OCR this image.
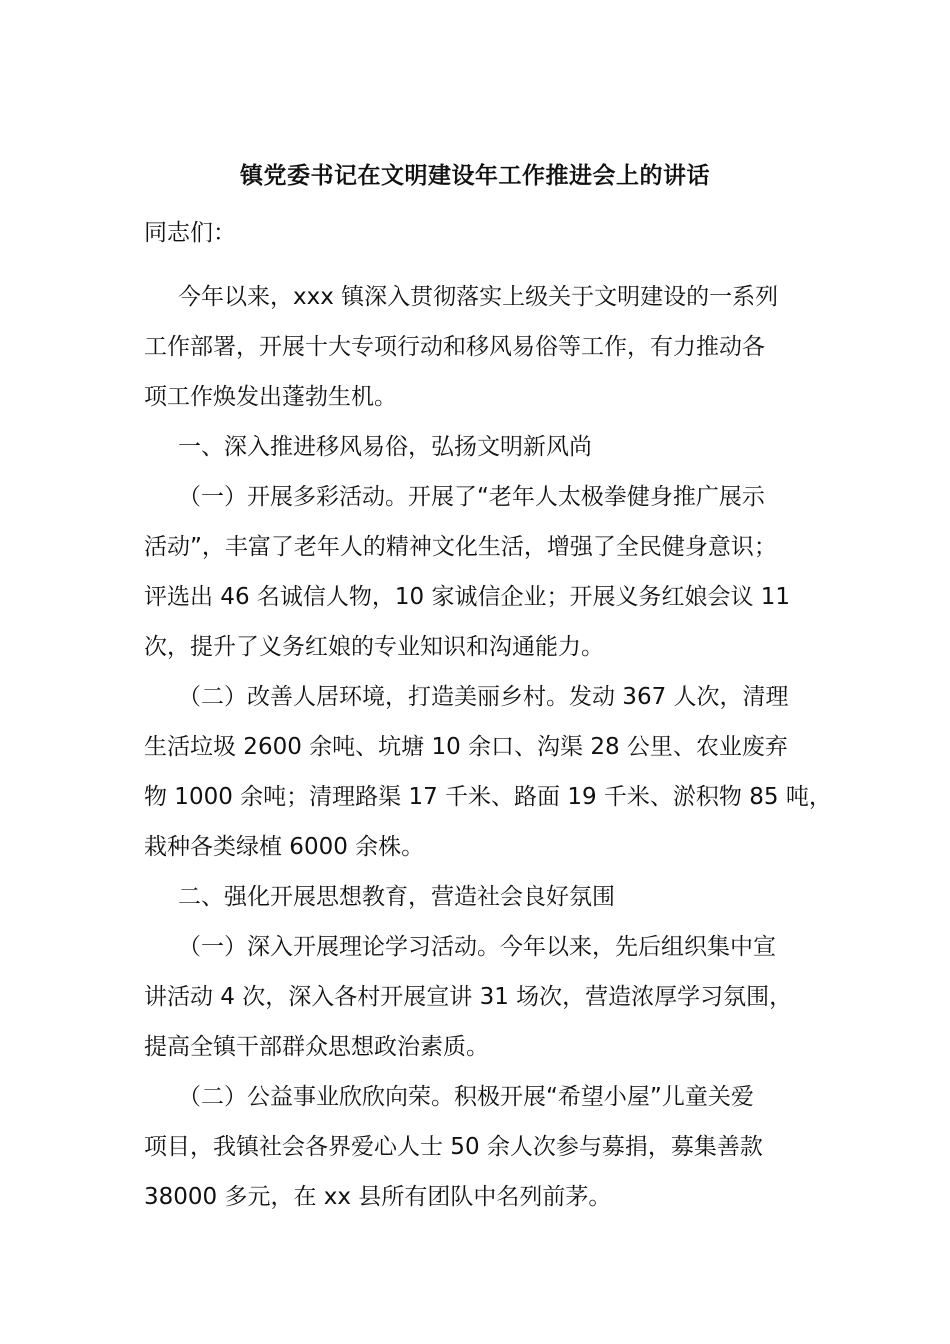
镇党委书记在文明建设年工作推进会上的讲话

同志们：

今年以来，xxx 镇深入贯彻落实上级关于文明建设的一系列
工作部署，开展十大专项行动和移风易俗等工作，有力推动各
项工作焕发出蓬勃生机。

一、深入推进移风易俗，弘扬文明新风尚

（一）开展多彩活动。开展了“老年人太极拳健身推广展示
活动”，丰富了老年人的精神文化生活，增强了全民健身意识；
评选出 46 名诚信人物，10 家诚信企业；开展义务红娘会议 11
次，提升了义务红娘的专业知识和沟通能力。

（二）改善人居环境，打造美丽乡村。发动 367 人次，清理
生活垃圾 2600 余吨、坑塘 10 余口、沟渠 28 公里、农业废弃
物 1000 余吨；清理路渠 17 千米、路面 19 千米、淤积物 85 吨，
栽种各类绿植 6000 余株。

二、强化开展思想教育，营造社会良好氛围

（一）深入开展理论学习活动。今年以来，先后组织集中宣
讲活动 4 次，深入各村开展宣讲 31 场次，营造浓厚学习氛围，
提高全镇干部群众思想政治素质。

（二）公益事业欣欣向荣。积极开展“希望小屋”儿童关爱
项目，我镇社会各界爱心人士 50 余人次参与募捐，募集善款
38000 多元，在 xx 县所有团队中名列前茅。
